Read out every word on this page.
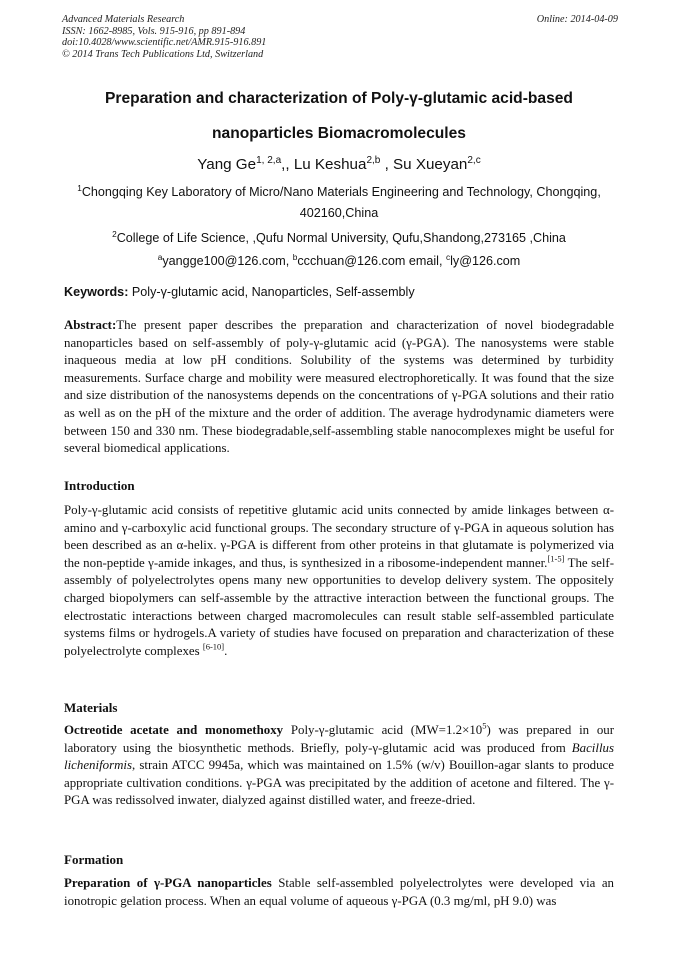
Advanced Materials Research
ISSN: 1662-8985, Vols. 915-916, pp 891-894
doi:10.4028/www.scientific.net/AMR.915-916.891
© 2014 Trans Tech Publications Ltd, Switzerland
Online: 2014-04-09
Preparation and characterization of Poly-γ-glutamic acid-based
nanoparticles Biomacromolecules
Yang Ge$^{1, 2,a}$,, Lu Keshua$^{2,b}$ , Su Xueyan$^{2,c}$
$^1$Chongqing Key Laboratory of Micro/Nano Materials Engineering and Technology, Chongqing, 402160,China
$^2$College of Life Science, ,Qufu Normal University, Qufu,Shandong,273165 ,China
$^a$yangge100@126.com, $^b$ccchuan@126.com email, $^c$ly@126.com
Keywords: Poly-γ-glutamic acid, Nanoparticles, Self-assembly

Abstract:The present paper describes the preparation and characterization of novel biodegradable nanoparticles based on self-assembly of poly-γ-glutamic acid (γ-PGA). The nanosystems were stable inaqueous media at low pH conditions. Solubility of the systems was determined by turbidity measurements. Surface charge and mobility were measured electrophoretically. It was found that the size and size distribution of the nanosystems depends on the concentrations of γ-PGA solutions and their ratio as well as on the pH of the mixture and the order of addition. The average hydrodynamic diameters were between 150 and 330 nm. These biodegradable,self-assembling stable nanocomplexes might be useful for several biomedical applications.

Introduction

Poly-γ-glutamic acid consists of repetitive glutamic acid units connected by amide linkages between α-amino and γ-carboxylic acid functional groups. The secondary structure of γ-PGA in aqueous solution has been described as an α-helix. γ-PGA is different from other proteins in that glutamate is polymerized via the non-peptide γ-amide inkages, and thus, is synthesized in a ribosome-independent manner.[1-5] The self-assembly of polyelectrolytes opens many new opportunities to develop delivery system. The oppositely charged biopolymers can self-assemble by the attractive interaction between the functional groups. The electrostatic interactions between charged macromolecules can result stable self-assembled particulate systems films or hydrogels.A variety of studies have focused on preparation and characterization of these polyelectrolyte complexes [6-10].

Materials

Octreotide acetate and monomethoxy Poly-γ-glutamic acid $(MW=1.2\times 10^5)$ was prepared in our laboratory using the biosynthetic methods. Briefly, poly-γ-glutamic acid was produced from Bacillus licheniformis, strain ATCC 9945a, which was maintained on 1.5% (w/v) Bouillon-agar slants to produce appropriate cultivation conditions. γ-PGA was precipitated by the addition of acetone and filtered. The γ-PGA was redissolved inwater, dialyzed against distilled water, and freeze-dried.

Formation

Preparation of γ-PGA nanoparticles Stable self-assembled polyelectrolytes were developed via an ionotropic gelation process. When an equal volume of aqueous γ-PGA (0.3 mg/ml, pH 9.0) was
